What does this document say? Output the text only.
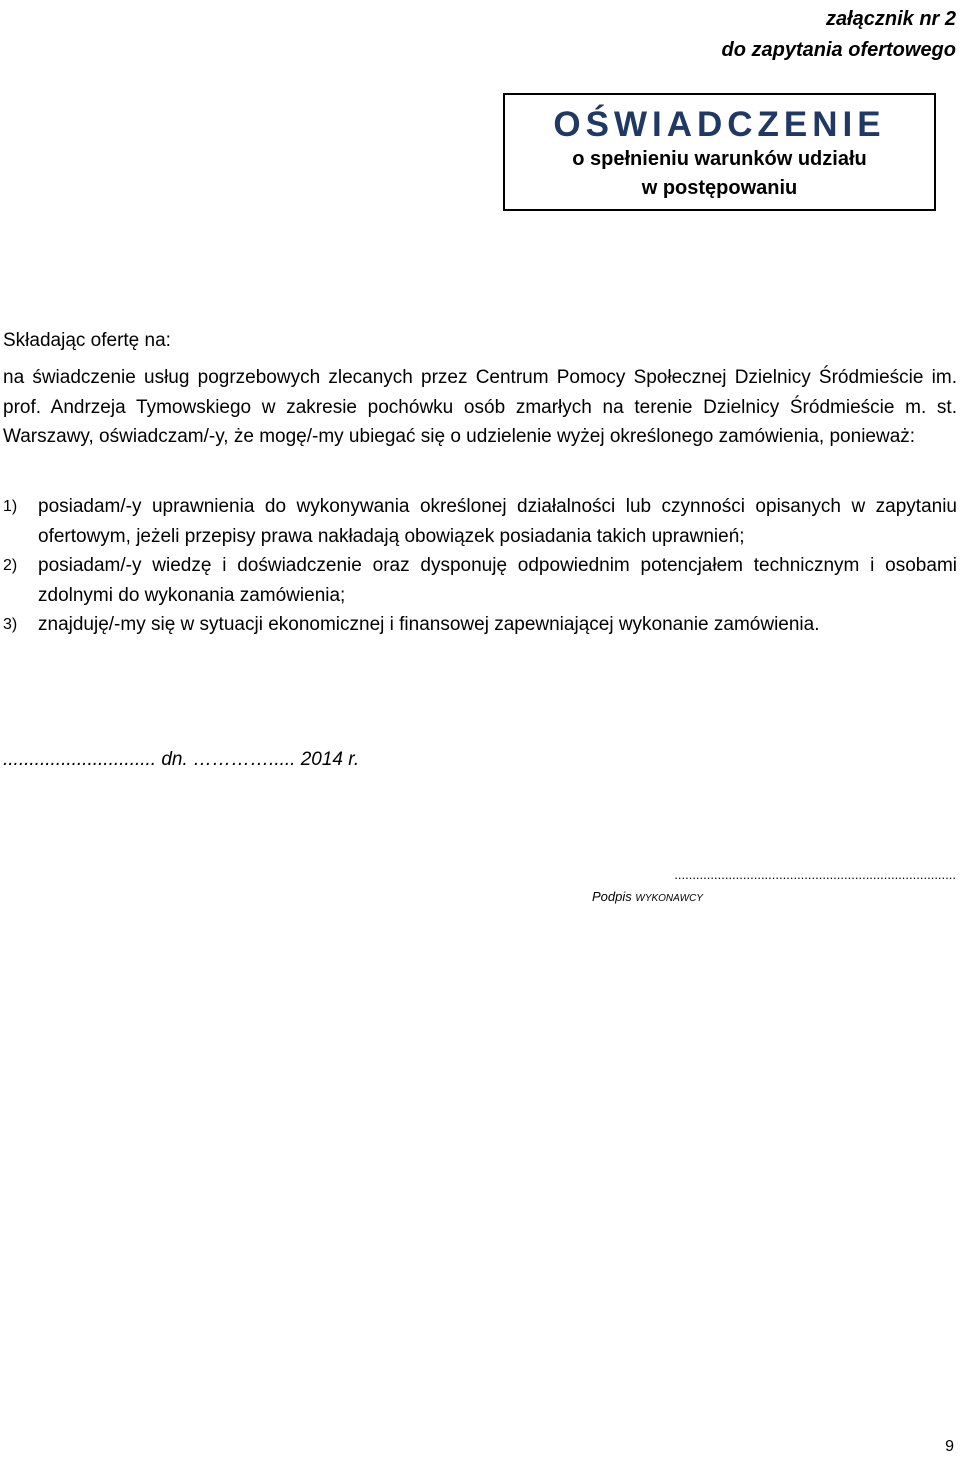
załącznik nr 2
do zapytania ofertowego
OŚWIADCZENIE
o spełnieniu warunków udziału
w postępowaniu
Składając ofertę na:
na świadczenie usług pogrzebowych zlecanych przez Centrum Pomocy Społecznej Dzielnicy Śródmieście im. prof. Andrzeja Tymowskiego w zakresie pochówku osób zmarłych na terenie Dzielnicy Śródmieście m. st. Warszawy, oświadczam/-y, że mogę/-my ubiegać się o udzielenie wyżej określonego zamówienia, ponieważ:
1) posiadam/-y uprawnienia do wykonywania określonej działalności lub czynności opisanych w zapytaniu ofertowym, jeżeli przepisy prawa nakładają obowiązek posiadania takich uprawnień;
2) posiadam/-y wiedzę i doświadczenie oraz dysponuję odpowiednim potencjałem technicznym i osobami zdolnymi do wykonania zamówienia;
3) znajduję/-my się w sytuacji ekonomicznej i finansowej zapewniającej wykonanie zamówienia.
............................. dn. …………..... 2014 r.
..............................................................................
Podpis WYKONAWCY
9
